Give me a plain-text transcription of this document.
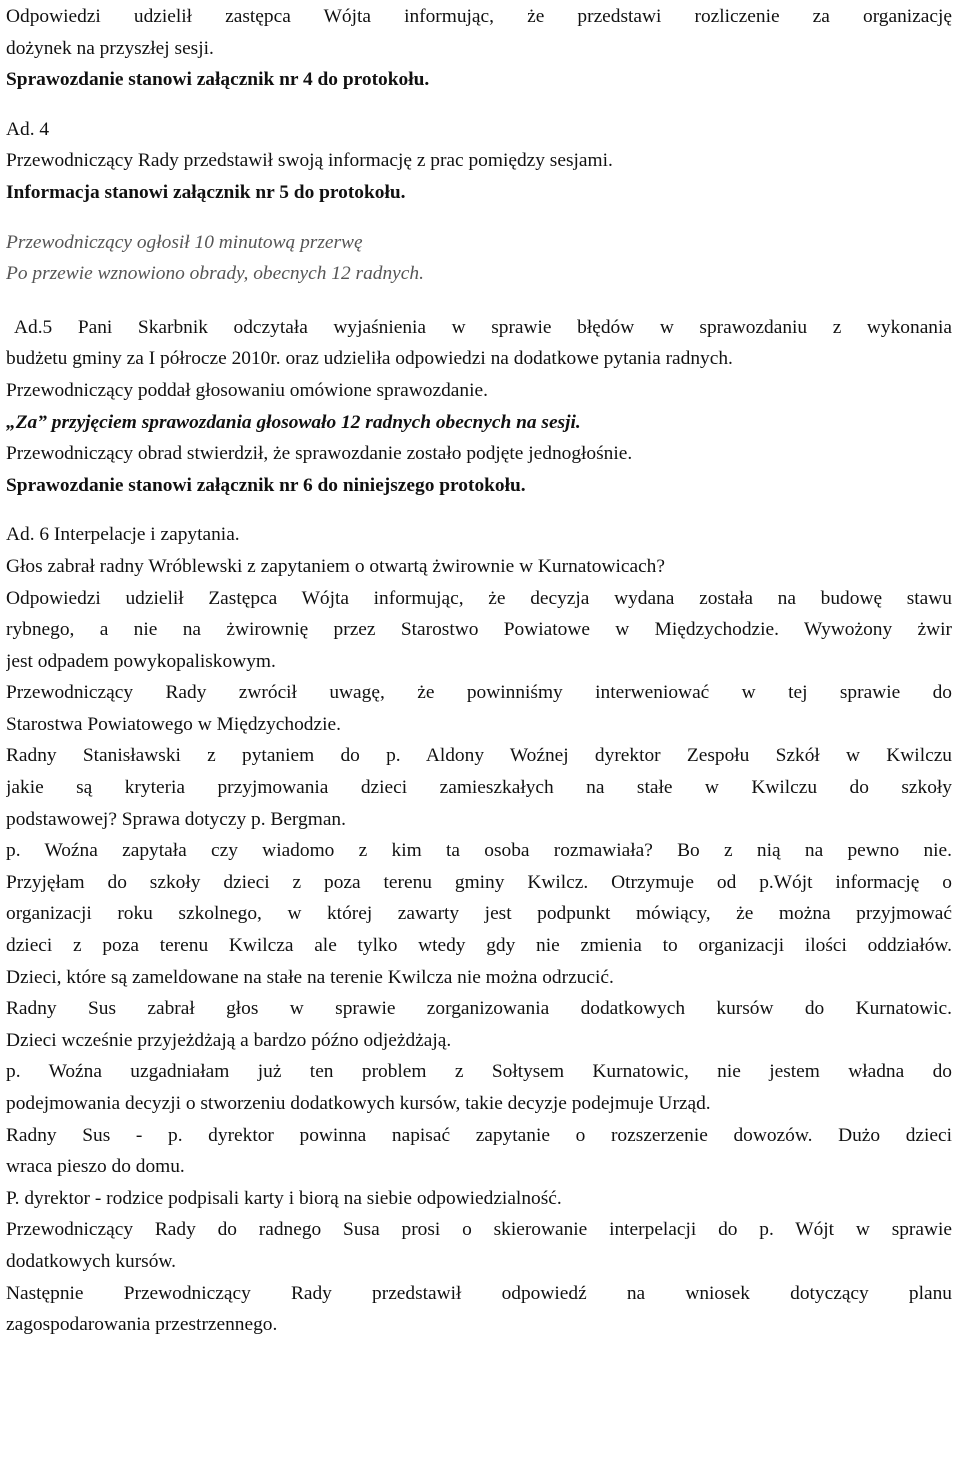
Odpowiedzi udzielił zastępca Wójta informując, że przedstawi rozliczenie za organizację
dożynek na przyszłej sesji.
Sprawozdanie stanowi załącznik nr 4 do protokołu.
Ad. 4
Przewodniczący Rady przedstawił swoją informację z prac pomiędzy sesjami.
Informacja stanowi załącznik nr 5 do protokołu.
Przewodniczący ogłosił 10 minutową przerwę
Po przewie wznowiono obrady, obecnych 12 radnych.
Ad.5 Pani Skarbnik odczytała wyjaśnienia w sprawie błędów w sprawozdaniu z wykonania
budżetu gminy za I półrocze 2010r. oraz udzieliła odpowiedzi na dodatkowe pytania radnych.
Przewodniczący poddał głosowaniu omówione sprawozdanie.
„Za” przyjęciem sprawozdania głosowało 12 radnych obecnych na sesji.
Przewodniczący obrad stwierdził, że sprawozdanie zostało podjęte jednogłośnie.
Sprawozdanie stanowi załącznik nr 6 do niniejszego protokołu.
Ad. 6 Interpelacje i zapytania.
Głos zabrał radny Wróblewski z zapytaniem o otwartą żwirownie w Kurnatowicach?
Odpowiedzi udzielił Zastępca Wójta informując, że decyzja wydana została na budowę stawu
rybnego, a nie na żwirownię przez Starostwo Powiatowe w Międzychodzie. Wywożony żwir
jest odpadem powykopaliskowym.
Przewodniczący Rady zwrócił uwagę, że powinniśmy interweniować w tej sprawie do
Starostwa Powiatowego w Międzychodzie.
Radny Stanisławski z pytaniem do p. Aldony Woźnej dyrektor Zespołu Szkół w Kwilczu
jakie są kryteria przyjmowania dzieci zamieszkałych na stałe w Kwilczu do szkoły
podstawowej? Sprawa dotyczy p. Bergman.
p. Woźna zapytała czy wiadomo z kim ta osoba rozmawiała? Bo z nią na pewno nie.
Przyjęłam do szkoły dzieci z poza terenu gminy Kwilcz. Otrzymuje od p.Wójt informację o
organizacji roku szkolnego, w której zawarty jest podpunkt mówiący, że można przyjmować
dzieci z poza terenu Kwilcza ale tylko wtedy gdy nie zmienia to organizacji ilości oddziałów.
Dzieci, które są zameldowane na stałe na terenie Kwilcza nie można odrzucić.
Radny Sus zabrał głos w sprawie zorganizowania dodatkowych kursów do Kurnatowic.
Dzieci wcześnie przyjeżdżają a bardzo późno odjeżdżają.
p. Woźna uzgadniałam już ten problem z Sołtysem Kurnatowic, nie jestem władna do
podejmowania decyzji o stworzeniu dodatkowych kursów, takie decyzje podejmuje Urząd.
Radny Sus - p. dyrektor powinna napisać zapytanie o rozszerzenie dowozów. Dużo dzieci
wraca pieszo do domu.
P. dyrektor - rodzice podpisali karty i biorą na siebie odpowiedzialność.
Przewodniczący Rady do radnego Susa prosi o skierowanie interpelacji do p. Wójt w sprawie
dodatkowych kursów.
Następnie Przewodniczący Rady przedstawił odpowiedź na wniosek dotyczący planu
zagospodarowania przestrzennego.
